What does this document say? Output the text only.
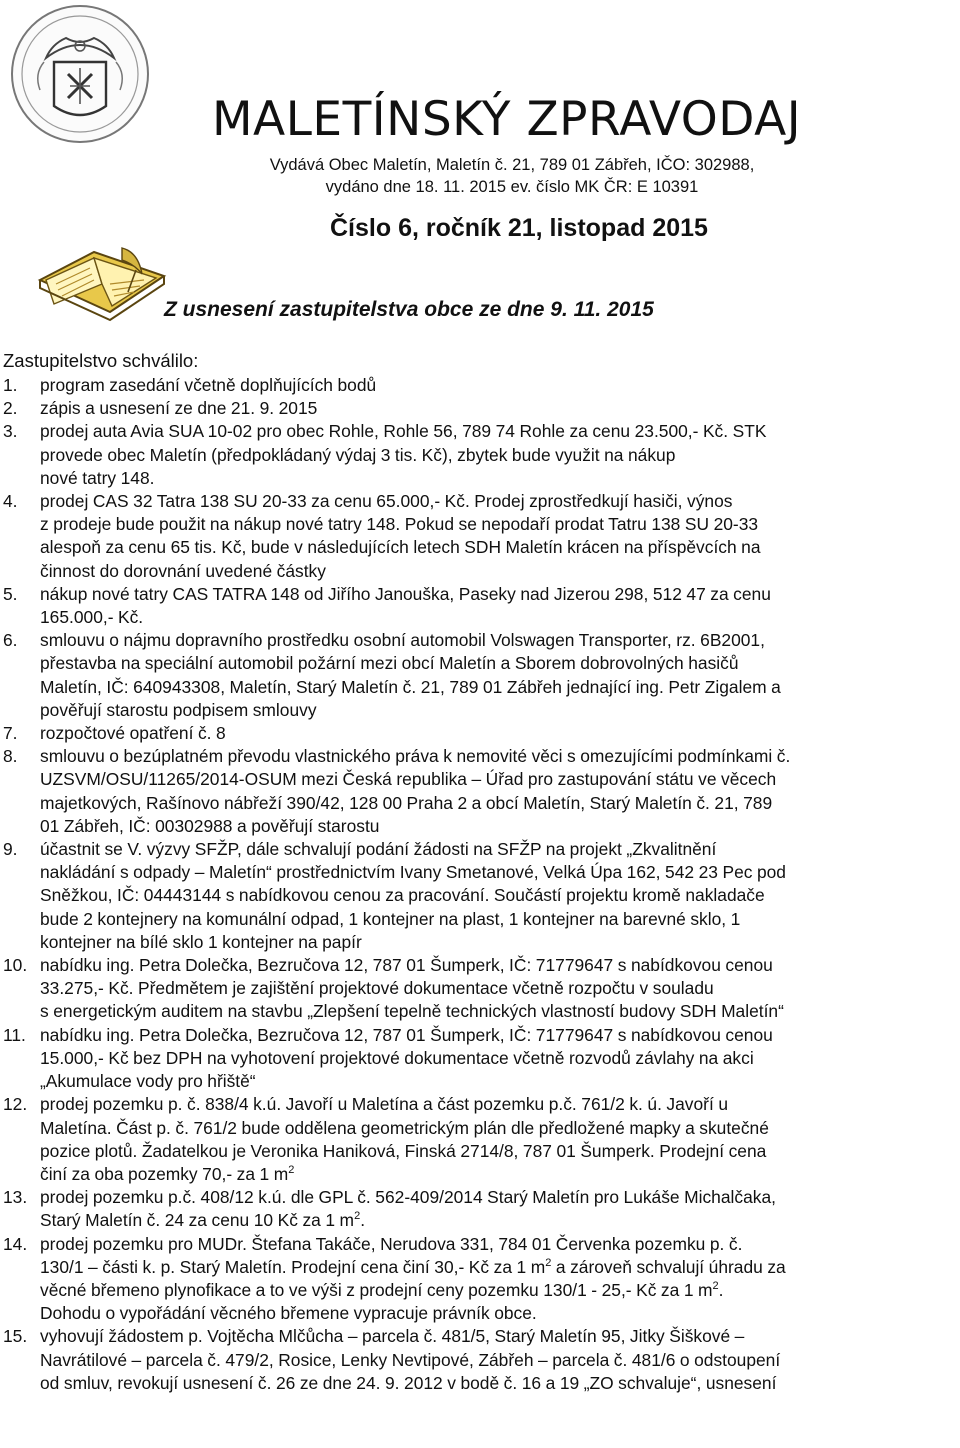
MALETÍNSKÝ ZPRAVODAJ
Vydává Obec Maletín, Maletín č. 21, 789 01 Zábřeh, IČO: 302988,
vydáno dne 18. 11. 2015 ev. číslo MK ČR: E 10391
Číslo 6, ročník 21, listopad 2015
Z usnesení zastupitelstva obce ze dne 9. 11. 2015
Zastupitelstvo schválilo:
1.	program zasedání včetně doplňujících bodů
2.	zápis a usnesení ze dne 21. 9. 2015
3.	prodej auta Avia SUA 10-02 pro obec Rohle, Rohle 56, 789 74 Rohle za cenu 23.500,- Kč. STK
provede obec Maletín (předpokládaný výdaj 3 tis. Kč), zbytek bude využit na nákup
nové tatry 148.
4.	prodej CAS 32 Tatra 138 SU 20-33 za cenu 65.000,- Kč. Prodej zprostředkují hasiči, výnos
z prodeje bude použit na nákup nové tatry 148. Pokud se nepodaří prodat Tatru 138 SU 20-33
alespoň za cenu 65 tis. Kč, bude v následujících letech SDH Maletín krácen na příspěvcích na
činnost do dorovnání uvedené částky
5.	nákup nové tatry CAS TATRA 148 od Jiřího Janouška, Paseky nad Jizerou 298, 512 47 za cenu
165.000,- Kč.
6.	smlouvu o nájmu dopravního prostředku osobní automobil Volswagen Transporter, rz. 6B2001,
přestavba na speciální automobil požární mezi obcí Maletín a Sborem dobrovolných hasičů
Maletín, IČ: 640943308, Maletín, Starý Maletín č. 21, 789 01 Zábřeh jednající ing. Petr Zigalem a
pověřují starostu podpisem smlouvy
7.	rozpočtové opatření č. 8
8.	smlouvu o bezúplatném převodu vlastnického práva k nemovité věci s omezujícími podmínkami č.
UZSVM/OSU/11265/2014-OSUM mezi Česká republika – Úřad pro zastupování státu ve věcech
majetkových, Rašínovo nábřeží 390/42, 128 00 Praha 2 a obcí Maletín, Starý Maletín č. 21, 789
01 Zábřeh, IČ: 00302988 a pověřují starostu
9.	účastnit se V. výzvy SFŽP, dále schvalují podání žádosti na SFŽP na projekt „Zkvalitnění
nakládání s odpady – Maletín“ prostřednictvím Ivany Smetanové, Velká Úpa 162, 542 23 Pec pod
Sněžkou, IČ: 04443144 s nabídkovou cenou za pracování. Součástí projektu kromě nakladače
bude 2 kontejnery na komunální odpad, 1 kontejner na plast, 1 kontejner na barevné sklo, 1
kontejner na bílé sklo 1 kontejner na papír
10. nabídku ing. Petra Dolečka, Bezručova 12, 787 01 Šumperk, IČ: 71779647 s nabídkovou cenou
33.275,- Kč. Předmětem je zajištění projektové dokumentace včetně rozpočtu v souladu
s energetickým auditem na stavbu „Zlepšení tepelně technických vlastností budovy SDH Maletín“
11. nabídku ing. Petra Dolečka, Bezručova 12, 787 01 Šumperk, IČ: 71779647 s nabídkovou cenou
15.000,- Kč bez DPH na vyhotovení projektové dokumentace včetně rozvodů závlahy na akci
„Akumulace vody pro hřiště“
12. prodej pozemku p. č. 838/4 k.ú. Javoří u Maletína a část pozemku p.č. 761/2 k. ú. Javoří u
Maletína. Část p. č. 761/2 bude oddělena geometrickým plán dle předložené mapky a skutečné
pozice plotů. Žadatelkou je Veronika Haniková, Finská 2714/8, 787 01 Šumperk. Prodejní cena
činí za oba pozemky 70,- za 1 $m^2$
13. prodej pozemku p.č. 408/12 k.ú. dle GPL č. 562-409/2014 Starý Maletín pro Lukáše Michalčaka,
Starý Maletín č. 24 za cenu 10 Kč za 1 $m^2$.
14. prodej pozemku pro MUDr. Štefana Takáče, Nerudova 331, 784 01 Červenka pozemku p. č.
130/1 – části k. p. Starý Maletín. Prodejní cena činí 30,- Kč za 1 $m^2$ a zároveň schvalují úhradu za
věcné břemeno plynofikace a to ve výši z prodejní ceny pozemku 130/1 - 25,- Kč za 1 $m^2$.
Dohodu o vypořádání věcného břemene vypracuje právník obce.
15. vyhovují žádostem p. Vojtěcha Mlčůcha – parcela č. 481/5, Starý Maletín 95, Jitky Šiškové –
Navrátilové – parcela č. 479/2, Rosice, Lenky Nevtipové, Zábřeh – parcela č. 481/6 o odstoupení
od smluv, revokují usnesení č. 26 ze dne 24. 9. 2012 v bodě č. 16 a 19 „ZO schvaluje“, usnesení
